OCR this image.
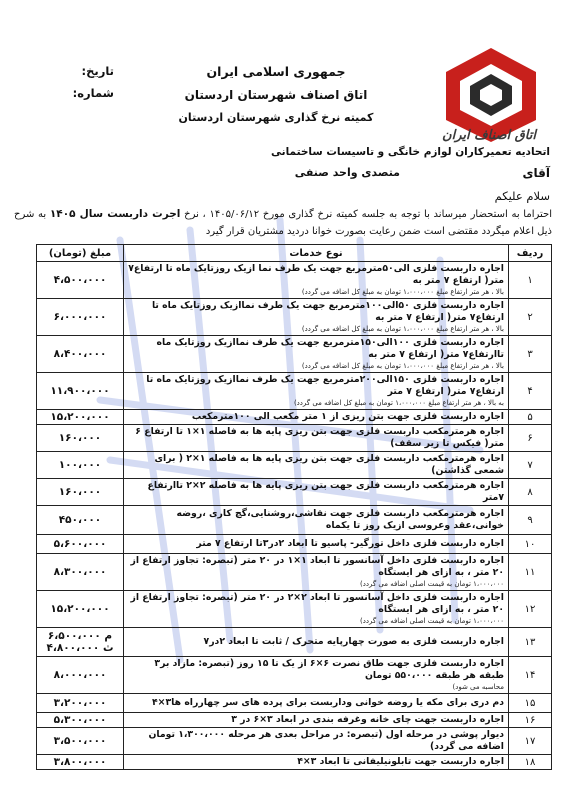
اتاق اصناف ایران
جمهوری اسلامی ایران
اتاق اصناف شهرستان اردستان
کمیته نرخ گذاری شهرستان اردستان
تاریخ:
شماره:
اتحادیه تعمیرکاران لوازم خانگی و تاسیسات ساختمانی
آقای
متصدی واحد صنفی
سلام علیکم
احتراما به استحضار میرساند با توجه به جلسه کمیته نرخ گذاری مورخ ۱۴۰۵/۰۶/۱۲ ، نرخ اجرت داربست سال ۱۴۰۵ به شرح ذیل اعلام میگردد مقتضی است ضمن رعایت بصورت خوانا دردید مشتریان قرار گیرد
ردیف	نوع خدمات	مبلغ (تومان)
۱	اجاره داربست فلزی الی۵۰مترمربع جهت یک طرف نما ازیک روزتایک ماه تا ارتفاع۷ متر( ارتفاع ۷ متر به
بالا ، هر متر ارتفاع مبلغ ۱،۰۰۰،۰۰۰ تومان به مبلغ کل اضافه می گردد)	۴،۵۰۰،۰۰۰
۲	اجاره داربست فلزی ۵۰الی۱۰۰مترمربع جهت یک طرف نماازیک روزتایک ماه تا ارتفاع۷ متر( ارتفاع ۷ متر به
بالا ، هر متر ارتفاع مبلغ ۱،۰۰۰،۰۰۰ تومان به مبلغ کل اضافه می گردد)	۶،۰۰۰،۰۰۰
۳	اجاره داربست فلزی ۱۰۰الی۱۵۰مترمربع جهت یک طرف نماازیک روزتایک ماه تاارتفاع۷ متر( ارتفاع ۷ متر به
بالا ، هر متر ارتفاع مبلغ ۱،۰۰۰،۰۰۰ تومان به مبلغ کل اضافه می گردد)	۸،۴۰۰،۰۰۰
۴	اجاره داربست فلزی ۱۵۰الی۲۰۰مترمربع جهت یک طرف نماازیک روزتایک ماه تا ارتفاع۷ متر( ارتفاع ۷ متر
به بالا ، هر متر ارتفاع مبلغ ۱،۰۰۰،۰۰۰ تومان به مبلغ کل اضافه می گردد)	۱۱،۹۰۰،۰۰۰
۵	اجاره داربست فلزی جهت بتن ریزی از ۱ متر مکعب الی ۱۰۰مترمکعب	۱۵،۲۰۰،۰۰۰
۶	اجاره هرمترمکعب داربست فلزی جهت بتن ریزی پایه ها به فاصله ۱×۱ تا ارتفاع ۶ متر( فیکس تا زیر سقف)	۱۶۰،۰۰۰
۷	اجاره هرمترمکعب داربست فلزی جهت بتن ریزی پایه ها به فاصله ۱×۲ ( برای شمعی گذاشتن)	۱۰۰،۰۰۰
۸	اجاره هرمترمکعب داربست فلزی جهت بتن ریزی پایه ها به فاصله ۲×۲ تاارتفاع ۷متر	۱۶۰،۰۰۰
۹	اجاره هرمترمکعب داربست فلزی جهت نقاشی،روشنایی،گچ کاری ،روضه خوانی،عقد وعروسی ازیک روز تا یکماه	۴۵۰،۰۰۰
۱۰	اجاره داربست فلزی داخل تورگیر- پاسیو تا ابعاد ۲در۳تا ارتفاع ۷ متر	۵،۶۰۰،۰۰۰
۱۱	اجاره داربست فلزی داخل آسانسور تا ابعاد ۱×۱ در ۲۰ متر (تبصره: تجاوز ارتفاع از ۲۰ متر ، به ازای هر ایستگاه
۱،۰۰۰،۰۰۰ تومان به قیمت اصلی اضافه می گردد)	۸،۳۰۰،۰۰۰
۱۲	اجاره داربست فلزی داخل آسانسور تا ابعاد ۲×۲ در ۲۰ متر (تبصره: تجاوز ارتفاع از ۲۰ متر ، به ازای هر ایستگاه
۱،۰۰۰،۰۰۰ تومان به قیمت اصلی اضافه می گردد)	۱۵،۲۰۰،۰۰۰
۱۳	اجاره داربست فلزی به صورت چهارپایه متحرک / ثابت تا ابعاد ۲در۷	م ۶،۵۰۰،۰۰۰ ث ۴،۸۰۰،۰۰۰
۱۴	اجاره داربست فلزی جهت طاق نصرت ۶×۶ از یک تا ۱۵ روز (تبصره: مازاد بر۳ طبقه هر طبقه ۵۵۰،۰۰۰ تومان
محاسبه می شود)	۸،۰۰۰،۰۰۰
۱۵	دم دری برای مکه یا روضه خوانی وداربست برای پرده های سر چهارراه ها۳×۴	۳،۲۰۰،۰۰۰
۱۶	اجاره داربست جهت چای خانه وغرفه بندی در ابعاد ۳×۶ در ۳	۵،۳۰۰،۰۰۰
۱۷	دیوار پوشی در مرحله اول (تبصره: در مراحل بعدی هر مرحله ۱،۳۰۰،۰۰۰ تومان اضافه می گردد)	۳،۵۰۰،۰۰۰
۱۸	اجاره داربست جهت تابلونیلیفانی تا ابعاد ۳×۴	۳،۸۰۰،۰۰۰
